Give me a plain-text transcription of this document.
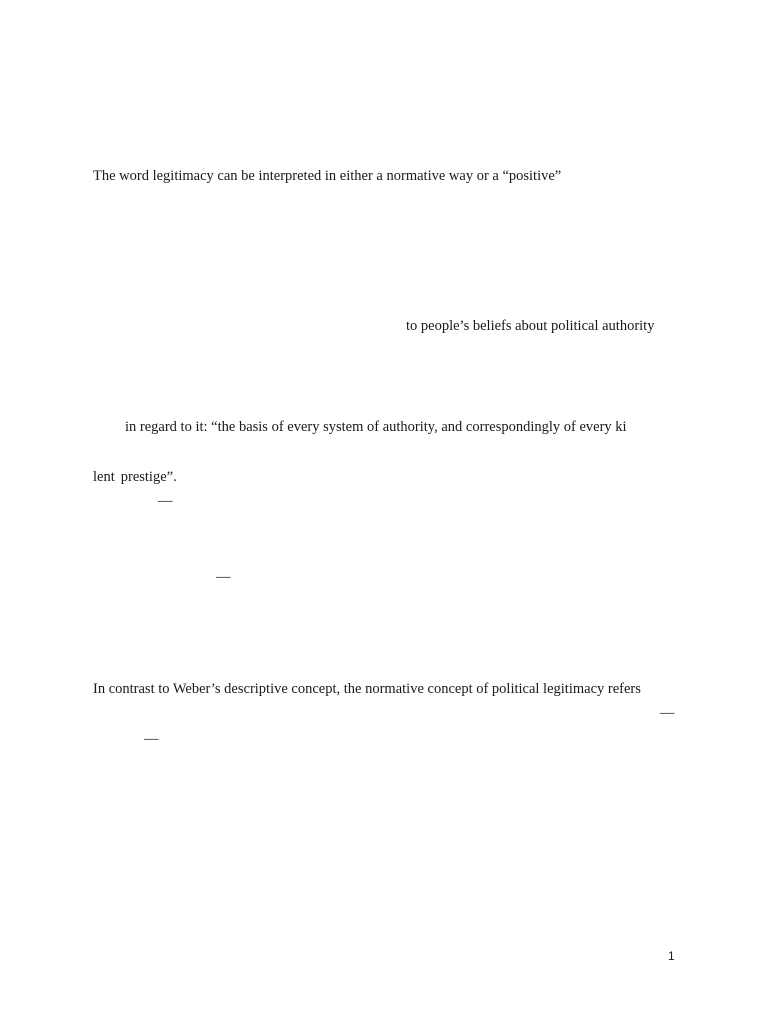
The word legitimacy can be interpreted in either a normative way or a “positive”
to people’s beliefs about political authority
in regard to it: “the basis of every system of authority, and correspondingly of every ki
lent prestige”.
—
—
In contrast to Weber’s descriptive concept, the normative concept of political legitimacy refers
—
—
1
